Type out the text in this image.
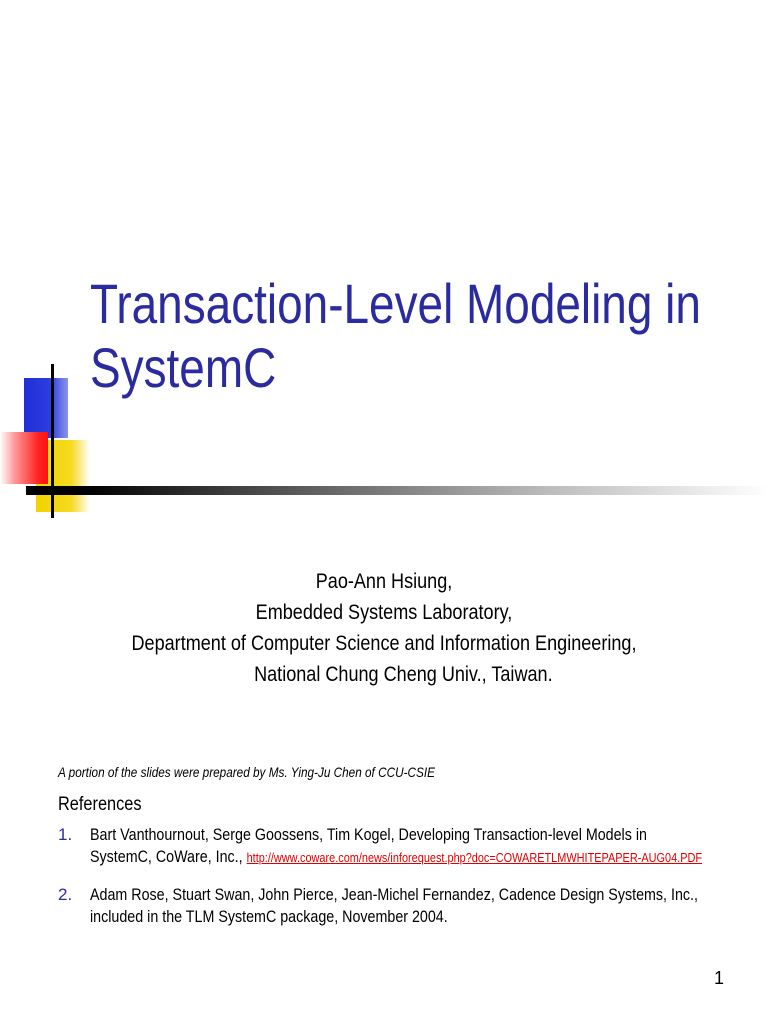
Transaction-Level Modeling in
SystemC
Pao-Ann Hsiung,
Embedded Systems Laboratory,
Department of Computer Science and Information Engineering,
National Chung Cheng Univ., Taiwan.
A portion of the slides were prepared by Ms. Ying-Ju Chen of CCU-CSIE
References
1. Bart Vanthournout, Serge Goossens, Tim Kogel, Developing Transaction-level Models in
SystemC, CoWare, Inc., http://www.coware.com/news/inforequest.php?doc=COWARETLMWHITEPAPER-AUG04.PDF
2. Adam Rose, Stuart Swan, John Pierce, Jean-Michel Fernandez, Cadence Design Systems, Inc.,
included in the TLM SystemC package, November 2004.
1
